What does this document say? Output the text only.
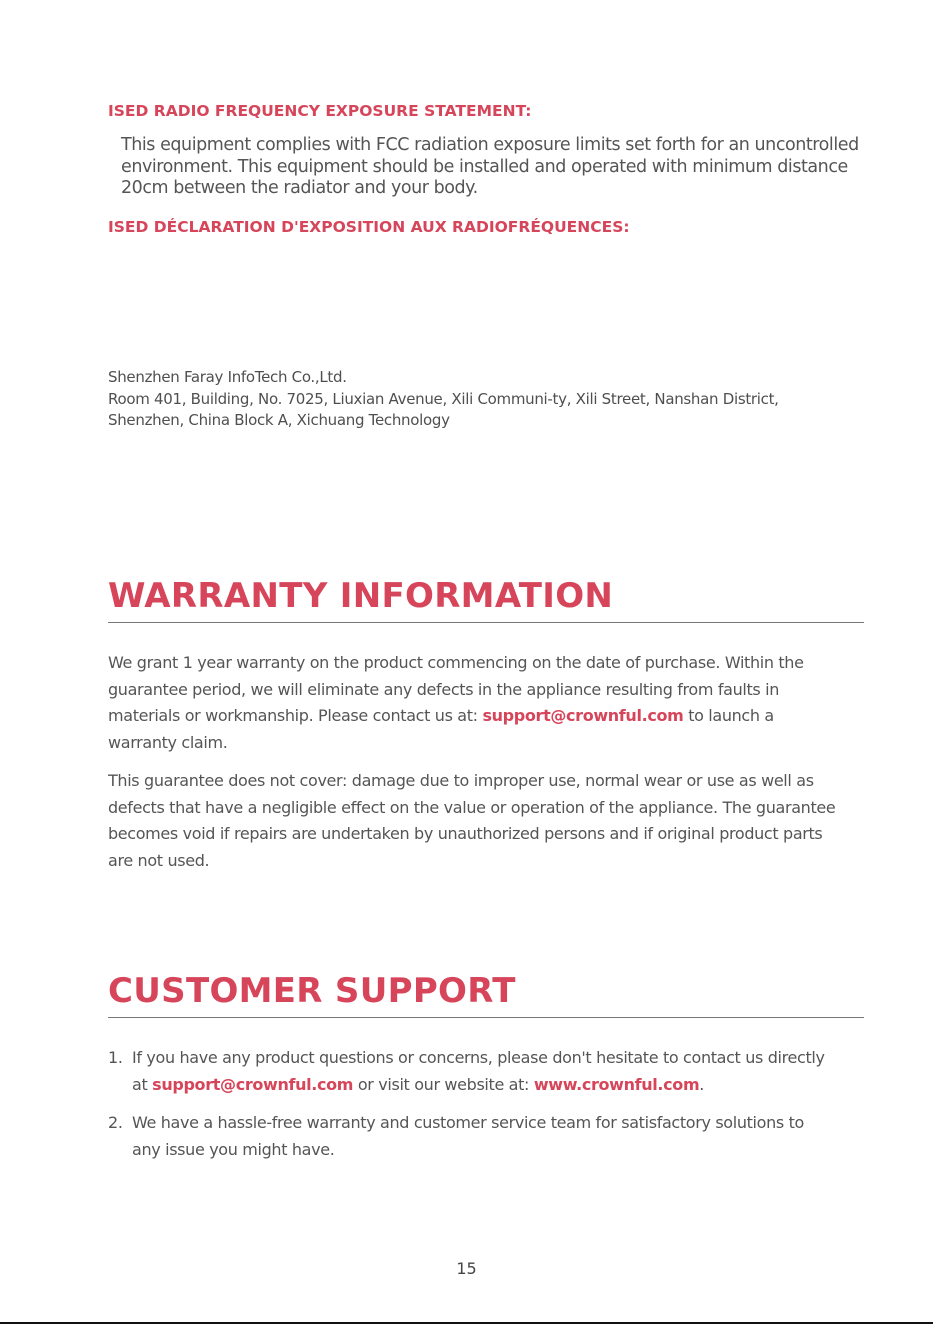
ISED RADIO FREQUENCY EXPOSURE STATEMENT:
This equipment complies with FCC radiation exposure limits set forth for an uncontrolled
environment. This equipment should be installed and operated with minimum distance
20cm between the radiator and your body.
ISED DÉCLARATION D'EXPOSITION AUX RADIOFRÉQUENCES:
Shenzhen Faray InfoTech Co.,Ltd.
Room 401, Building, No. 7025, Liuxian Avenue, Xili Communi-ty, Xili Street, Nanshan District,
Shenzhen, China Block A, Xichuang Technology
WARRANTY INFORMATION
We grant 1 year warranty on the product commencing on the date of purchase. Within the
guarantee period, we will eliminate any defects in the appliance resulting from faults in
materials or workmanship. Please contact us at: support@crownful.com to launch a
warranty claim.
This guarantee does not cover: damage due to improper use, normal wear or use as well as
defects that have a negligible effect on the value or operation of the appliance. The guarantee
becomes void if repairs are undertaken by unauthorized persons and if original product parts
are not used.
CUSTOMER SUPPORT
1. If you have any product questions or concerns, please don't hesitate to contact us directly
at support@crownful.com or visit our website at: www.crownful.com.
2. We have a hassle-free warranty and customer service team for satisfactory solutions to
any issue you might have.
15
